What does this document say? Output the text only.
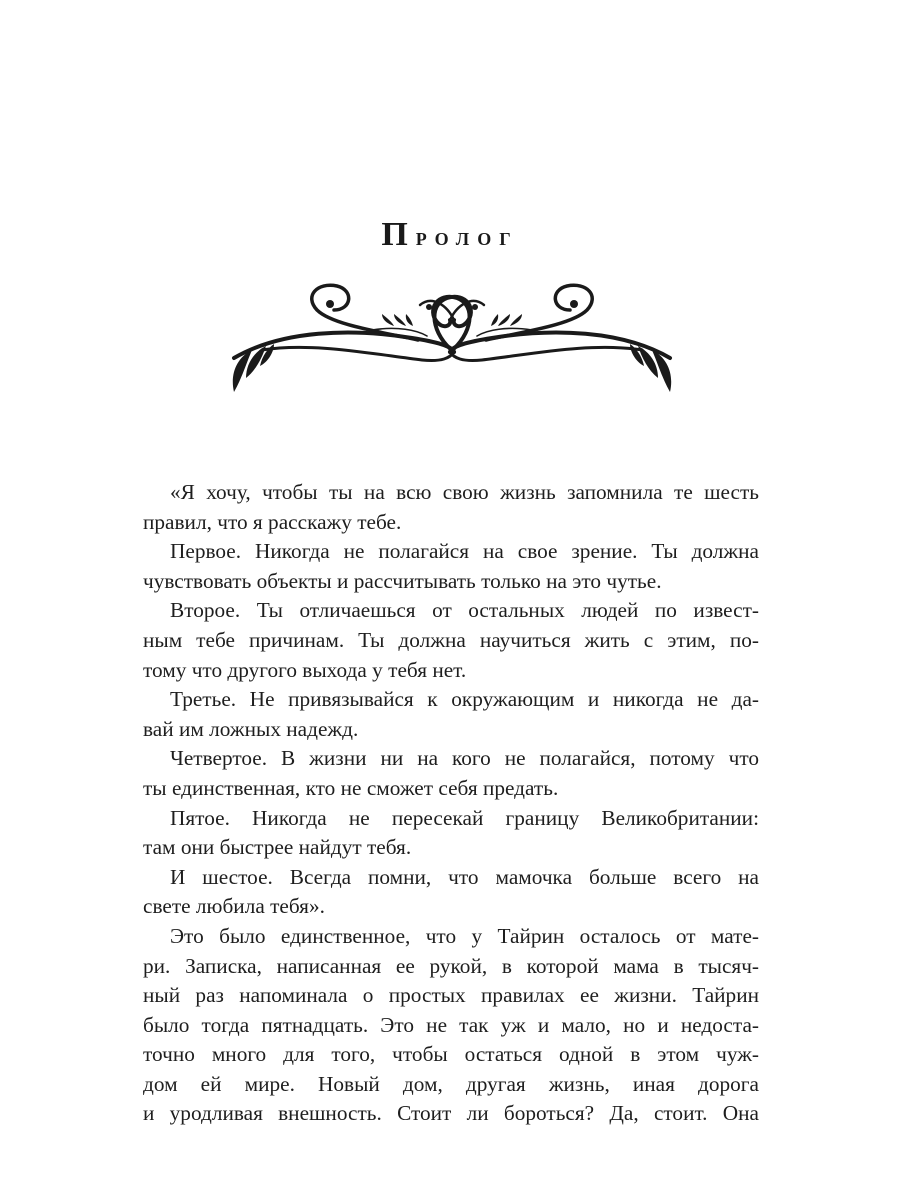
Пролог
«Я хочу, чтобы ты на всю свою жизнь запомнила те шесть
правил, что я расскажу тебе.
Первое. Никогда не полагайся на свое зрение. Ты должна
чувствовать объекты и рассчитывать только на это чутье.
Второе. Ты отличаешься от остальных людей по извест-
ным тебе причинам. Ты должна научиться жить с этим, по-
тому что другого выхода у тебя нет.
Третье. Не привязывайся к окружающим и никогда не да-
вай им ложных надежд.
Четвертое. В жизни ни на кого не полагайся, потому что
ты единственная, кто не сможет себя предать.
Пятое. Никогда не пересекай границу Великобритании:
там они быстрее найдут тебя.
И шестое. Всегда помни, что мамочка больше всего на
свете любила тебя».
Это было единственное, что у Тайрин осталось от мате-
ри. Записка, написанная ее рукой, в которой мама в тысяч-
ный раз напоминала о простых правилах ее жизни. Тайрин
было тогда пятнадцать. Это не так уж и мало, но и недоста-
точно много для того, чтобы остаться одной в этом чуж-
дом ей мире. Новый дом, другая жизнь, иная дорога
и уродливая внешность. Стоит ли бороться? Да, стоит. Она
